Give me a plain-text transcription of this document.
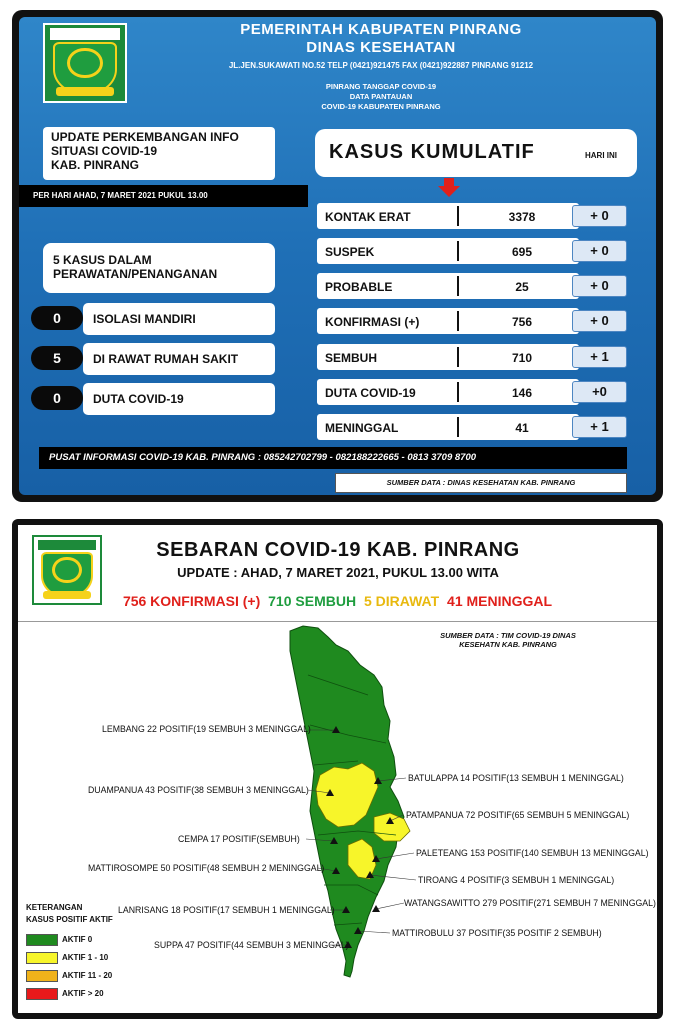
PEMERINTAH KABUPATEN PINRANG
DINAS KESEHATAN
JL.JEN.SUKAWATI NO.52 TELP (0421)921475 FAX (0421)922887 PINRANG 91212
PINRANG TANGGAP COVID-19
DATA PANTAUAN
COVID-19 KABUPATEN PINRANG
UPDATE PERKEMBANGAN INFO
SITUASI COVID-19
KAB. PINRANG
PER HARI AHAD, 7 MARET 2021 PUKUL 13.00
KASUS KUMULATIF	HARI INI
KONTAK ERAT	3378	+ 0
SUSPEK	695	+ 0
PROBABLE	25	+ 0
KONFIRMASI (+)	756	+ 0
SEMBUH	710	+ 1
DUTA COVID-19	146	+0
MENINGGAL	41	+ 1
5 KASUS DALAM
PERAWATAN/PENANGANAN
0	ISOLASI MANDIRI
5	DI RAWAT RUMAH SAKIT
0	DUTA COVID-19
PUSAT INFORMASI COVID-19 KAB. PINRANG : 085242702799 - 082188222665 - 0813 3709 8700
SUMBER DATA : DINAS KESEHATAN KAB. PINRANG
SEBARAN COVID-19 KAB. PINRANG
UPDATE : AHAD, 7 MARET 2021, PUKUL 13.00 WITA
756 KONFIRMASI (+) 710 SEMBUH 5 DIRAWAT 41 MENINGGAL
SUMBER DATA : TIM COVID-19 DINAS
KESEHATN KAB. PINRANG
LEMBANG 22 POSITIF(19 SEMBUH 3 MENINGGAL)
DUAMPANUA 43 POSITIF(38 SEMBUH 3 MENINGGAL)
CEMPA 17 POSITIF(SEMBUH)
MATTIROSOMPE 50 POSITIF(48 SEMBUH 2 MENINGGAL)
LANRISANG 18 POSITIF(17 SEMBUH 1 MENINGGAL)
SUPPA 47 POSITIF(44 SEMBUH 3 MENINGGAL)
BATULAPPA 14 POSITIF(13 SEMBUH 1 MENINGGAL)
PATAMPANUA 72 POSITIF(65 SEMBUH 5 MENINGGAL)
PALETEANG 153 POSITIF(140 SEMBUH 13 MENINGGAL)
TIROANG 4 POSITIF(3 SEMBUH 1 MENINGGAL)
WATANGSAWITTO 279 POSITIF(271 SEMBUH 7 MENINGGAL)
MATTIROBULU 37 POSITIF(35 POSITIF 2 SEMBUH)
KETERANGAN
KASUS POSITIF AKTIF
AKTIF 0
AKTIF 1 - 10
AKTIF 11 - 20
AKTIF > 20
